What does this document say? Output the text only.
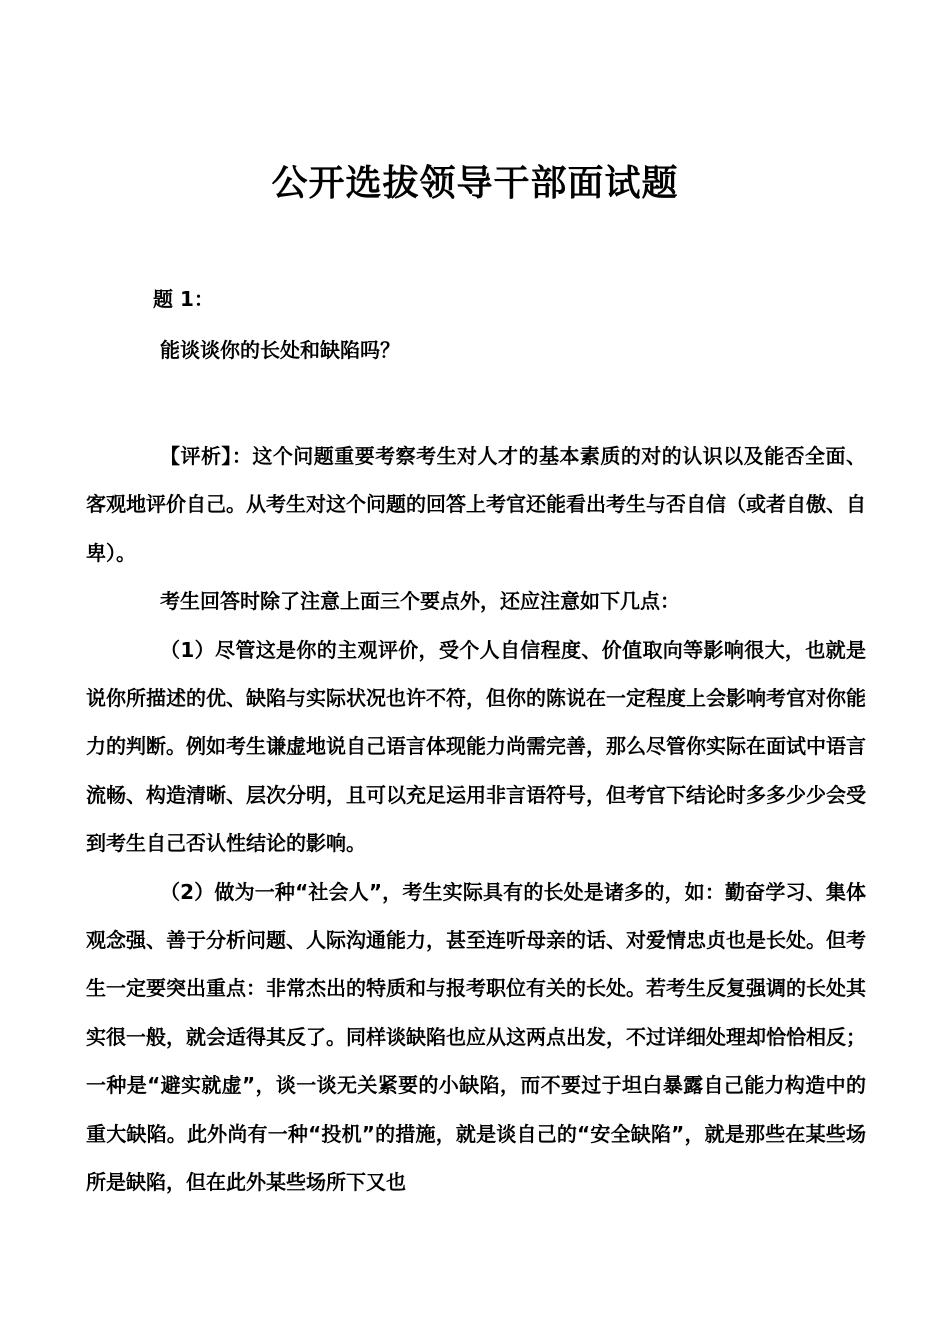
公开选拔领导干部面试题
题 1：
能谈谈你的长处和缺陷吗？

【评析】：这个问题重要考察考生对人才的基本素质的对的认识以及能否全面、客观地评价自己。从考生对这个问题的回答上考官还能看出考生与否自信（或者自傲、自卑）。

考生回答时除了注意上面三个要点外，还应注意如下几点：

（1）尽管这是你的主观评价，受个人自信程度、价值取向等影响很大，也就是说你所描述的优、缺陷与实际状况也许不符，但你的陈说在一定程度上会影响考官对你能力的判断。例如考生谦虚地说自己语言体现能力尚需完善，那么尽管你实际在面试中语言流畅、构造清晰、层次分明，且可以充足运用非言语符号，但考官下结论时多多少少会受到考生自己否认性结论的影响。

（2）做为一种“社会人”，考生实际具有的长处是诸多的，如：勤奋学习、集体观念强、善于分析问题、人际沟通能力，甚至连听母亲的话、对爱情忠贞也是长处。但考生一定要突出重点：非常杰出的特质和与报考职位有关的长处。若考生反复强调的长处其实很一般，就会适得其反了。同样谈缺陷也应从这两点出发，不过详细处理却恰恰相反；一种是“避实就虚”，谈一谈无关紧要的小缺陷，而不要过于坦白暴露自己能力构造中的重大缺陷。此外尚有一种“投机”的措施，就是谈自己的“安全缺陷”，就是那些在某些场所是缺陷，但在此外某些场所下又也
